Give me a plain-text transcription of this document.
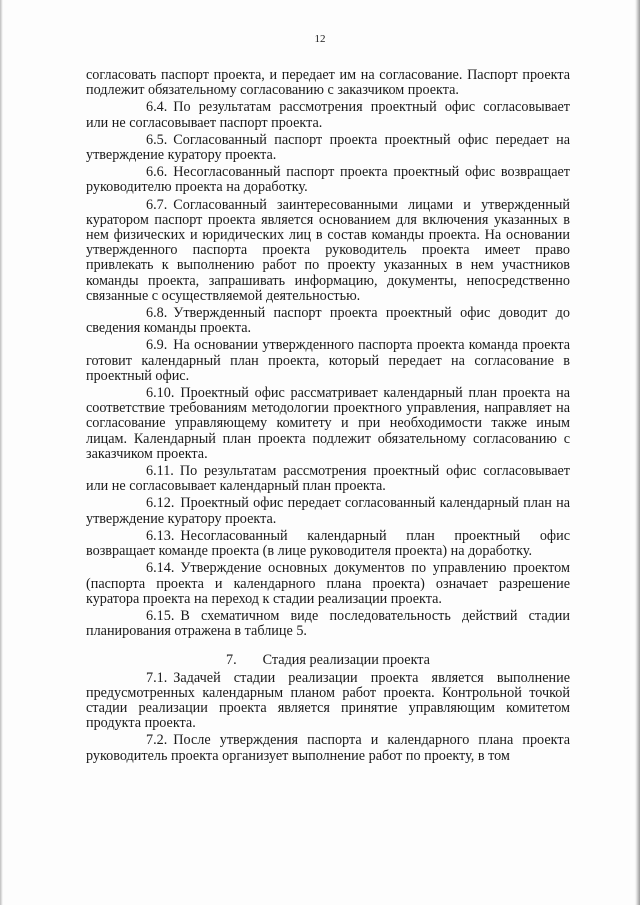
12

согласовать паспорт проекта, и передает им на согласование. Паспорт проекта подлежит обязательному согласованию с заказчиком проекта.

6.4. По результатам рассмотрения проектный офис согласовывает или не согласовывает паспорт проекта.

6.5. Согласованный паспорт проекта проектный офис передает на утверждение куратору проекта.

6.6. Несогласованный паспорт проекта проектный офис возвращает руководителю проекта на доработку.

6.7. Согласованный заинтересованными лицами и утвержденный куратором паспорт проекта является основанием для включения указанных в нем физических и юридических лиц в состав команды проекта. На основании утвержденного паспорта проекта руководитель проекта имеет право привлекать к выполнению работ по проекту указанных в нем участников команды проекта, запрашивать информацию, документы, непосредственно связанные с осуществляемой деятельностью.

6.8. Утвержденный паспорт проекта проектный офис доводит до сведения команды проекта.

6.9. На основании утвержденного паспорта проекта команда проекта готовит календарный план проекта, который передает на согласование в проектный офис.

6.10. Проектный офис рассматривает календарный план проекта на соответствие требованиям методологии проектного управления, направляет на согласование управляющему комитету и при необходимости также иным лицам. Календарный план проекта подлежит обязательному согласованию с заказчиком проекта.

6.11. По результатам рассмотрения проектный офис согласовывает или не согласовывает календарный план проекта.

6.12. Проектный офис передает согласованный календарный план на утверждение куратору проекта.

6.13. Несогласованный календарный план проектный офис возвращает команде проекта (в лице руководителя проекта) на доработку.

6.14. Утверждение основных документов по управлению проектом (паспорта проекта и календарного плана проекта) означает разрешение куратора проекта на переход к стадии реализации проекта.

6.15. В схематичном виде последовательность действий стадии планирования отражена в таблице 5.

7. Стадия реализации проекта

7.1. Задачей стадии реализации проекта является выполнение предусмотренных календарным планом работ проекта. Контрольной точкой стадии реализации проекта является принятие управляющим комитетом продукта проекта.

7.2. После утверждения паспорта и календарного плана проекта руководитель проекта организует выполнение работ по проекту, в том
